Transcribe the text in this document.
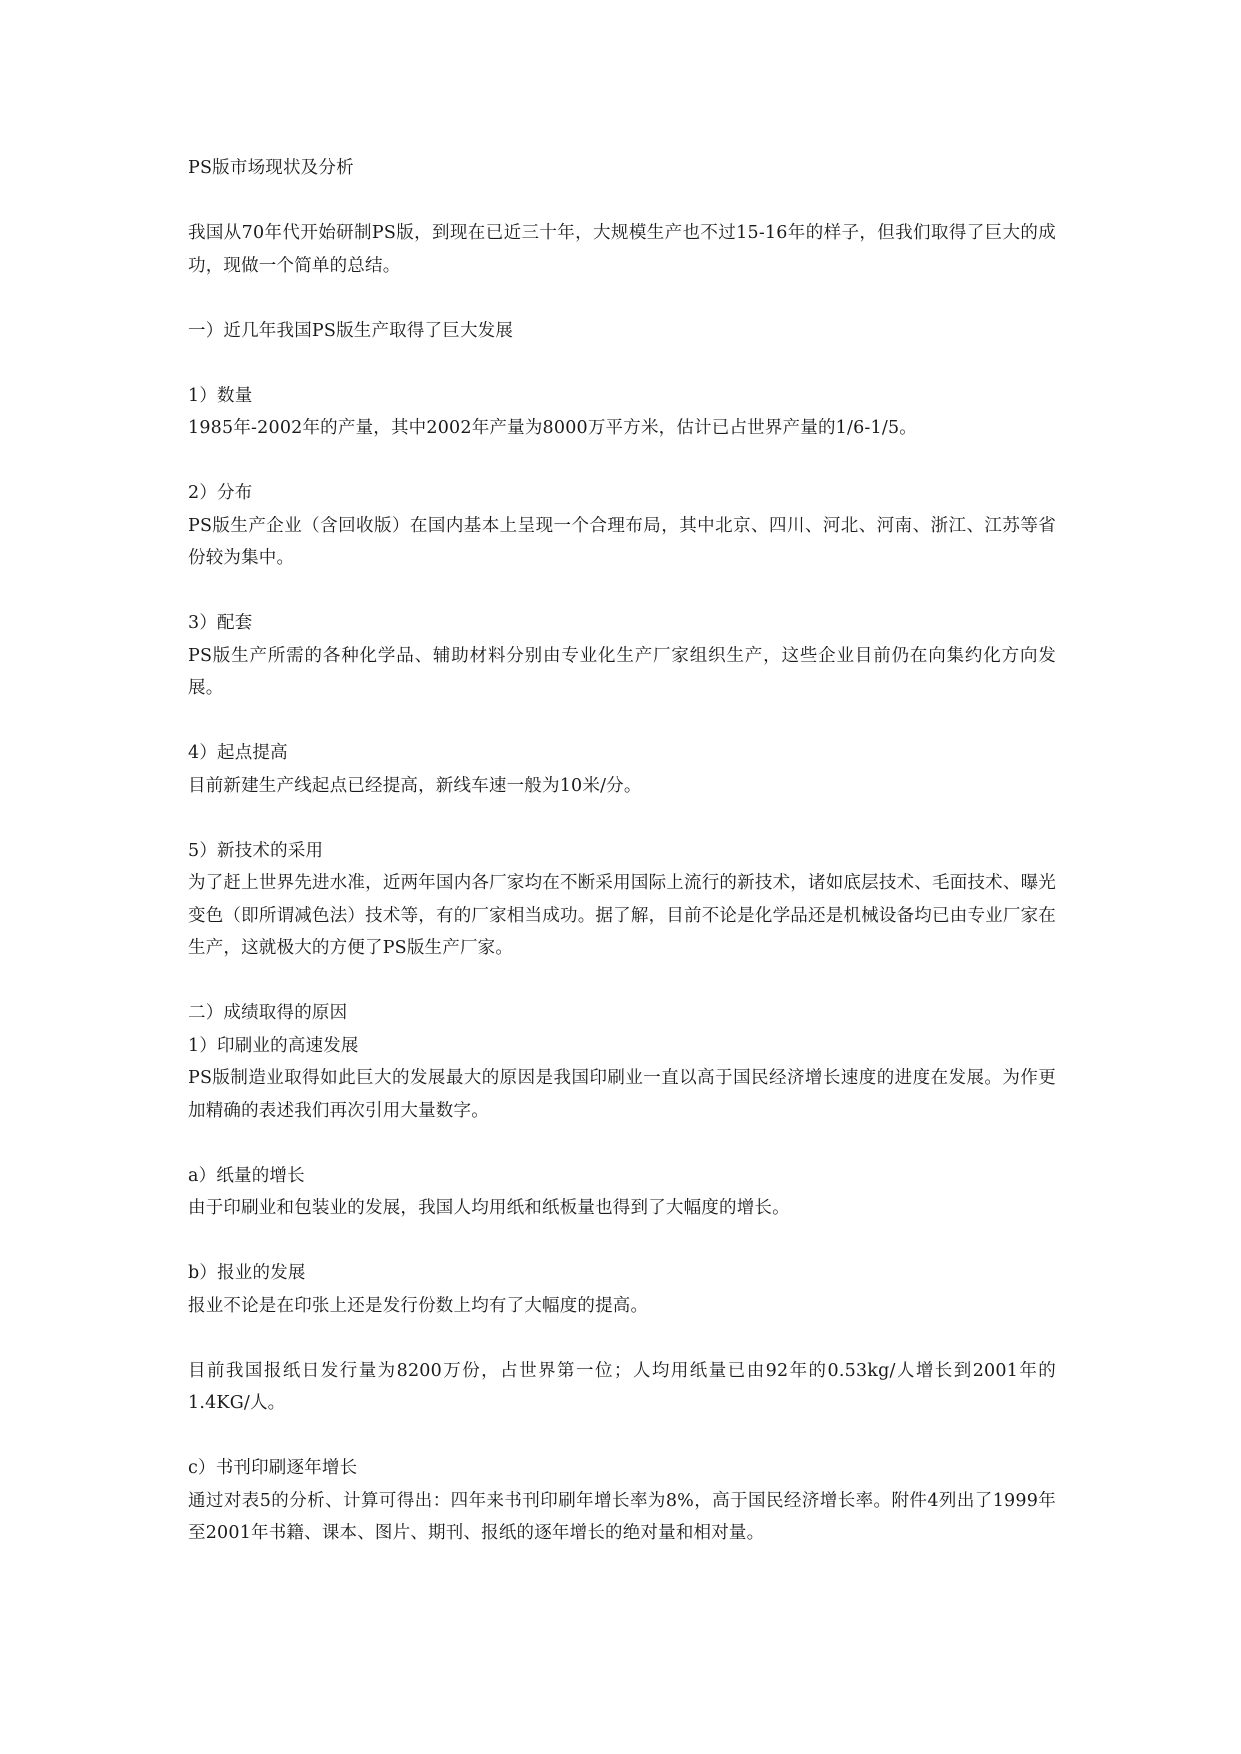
PS版市场现状及分析

我国从70年代开始研制PS版，到现在已近三十年，大规模生产也不过15-16年的样子，但我们取得了巨大的成功，现做一个简单的总结。

一）近几年我国PS版生产取得了巨大发展

1）数量

1985年-2002年的产量，其中2002年产量为8000万平方米，估计已占世界产量的1/6-1/5。

2）分布

PS版生产企业（含回收版）在国内基本上呈现一个合理布局，其中北京、四川、河北、河南、浙江、江苏等省份较为集中。

3）配套

PS版生产所需的各种化学品、辅助材料分别由专业化生产厂家组织生产，这些企业目前仍在向集约化方向发展。

4）起点提高

目前新建生产线起点已经提高，新线车速一般为10米/分。

5）新技术的采用

为了赶上世界先进水准，近两年国内各厂家均在不断采用国际上流行的新技术，诸如底层技术、毛面技术、曝光变色（即所谓减色法）技术等，有的厂家相当成功。据了解，目前不论是化学品还是机械设备均已由专业厂家在生产，这就极大的方便了PS版生产厂家。

二）成绩取得的原因

1）印刷业的高速发展

PS版制造业取得如此巨大的发展最大的原因是我国印刷业一直以高于国民经济增长速度的进度在发展。为作更加精确的表述我们再次引用大量数字。

a）纸量的增长

由于印刷业和包装业的发展，我国人均用纸和纸板量也得到了大幅度的增长。

b）报业的发展

报业不论是在印张上还是发行份数上均有了大幅度的提高。

目前我国报纸日发行量为8200万份，占世界第一位；人均用纸量已由92年的0.53kg/人增长到2001年的1.4KG/人。

c）书刊印刷逐年增长

通过对表5的分析、计算可得出：四年来书刊印刷年增长率为8%，高于国民经济增长率。附件4列出了1999年至2001年书籍、课本、图片、期刊、报纸的逐年增长的绝对量和相对量。
